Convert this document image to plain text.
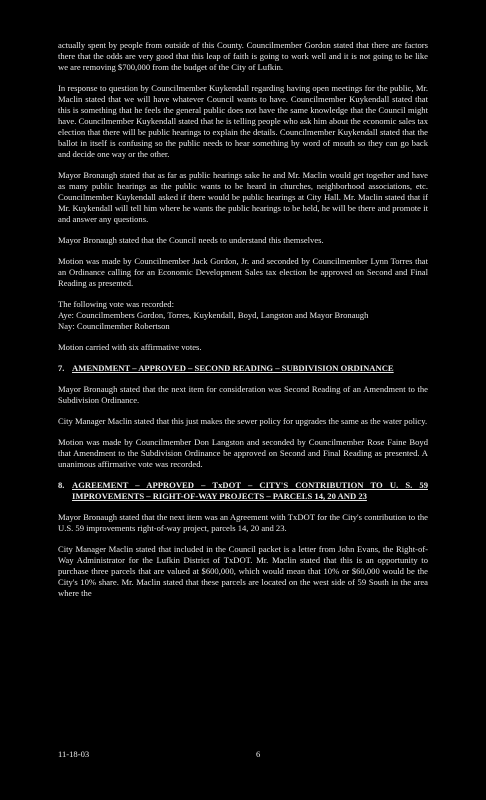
actually spent by people from outside of this County. Councilmember Gordon stated that there are factors there that the odds are very good that this leap of faith is going to work well and it is not going to be like we are removing $700,000 from the budget of the City of Lufkin.

In response to question by Councilmember Kuykendall regarding having open meetings for the public, Mr. Maclin stated that we will have whatever Council wants to have. Councilmember Kuykendall stated that this is something that he feels the general public does not have the same knowledge that the Council might have. Councilmember Kuykendall stated that he is telling people who ask him about the economic sales tax election that there will be public hearings to explain the details. Councilmember Kuykendall stated that the ballot in itself is confusing so the public needs to hear something by word of mouth so they can go back and decide one way or the other.

Mayor Bronaugh stated that as far as public hearings sake he and Mr. Maclin would get together and have as many public hearings as the public wants to be heard in churches, neighborhood associations, etc. Councilmember Kuykendall asked if there would be public hearings at City Hall. Mr. Maclin stated that if Mr. Kuykendall will tell him where he wants the public hearings to be held, he will be there and promote it and answer any questions.

Mayor Bronaugh stated that the Council needs to understand this themselves.

Motion was made by Councilmember Jack Gordon, Jr. and seconded by Councilmember Lynn Torres that an Ordinance calling for an Economic Development Sales tax election be approved on Second and Final Reading as presented.

The following vote was recorded:
Aye: Councilmembers Gordon, Torres, Kuykendall, Boyd, Langston and Mayor Bronaugh
Nay: Councilmember Robertson

Motion carried with six affirmative votes.

7. AMENDMENT – APPROVED – SECOND READING – SUBDIVISION ORDINANCE

Mayor Bronaugh stated that the next item for consideration was Second Reading of an Amendment to the Subdivision Ordinance.

City Manager Maclin stated that this just makes the sewer policy for upgrades the same as the water policy.

Motion was made by Councilmember Don Langston and seconded by Councilmember Rose Faine Boyd that Amendment to the Subdivision Ordinance be approved on Second and Final Reading as presented. A unanimous affirmative vote was recorded.

8. AGREEMENT – APPROVED – TxDOT – CITY'S CONTRIBUTION TO U. S. 59 IMPROVEMENTS – RIGHT-OF-WAY PROJECTS – PARCELS 14, 20 AND 23

Mayor Bronaugh stated that the next item was an Agreement with TxDOT for the City's contribution to the U.S. 59 improvements right-of-way project, parcels 14, 20 and 23.

City Manager Maclin stated that included in the Council packet is a letter from John Evans, the Right-of-Way Administrator for the Lufkin District of TxDOT. Mr. Maclin stated that this is an opportunity to purchase three parcels that are valued at $600,000, which would mean that 10% or $60,000 would be the City's 10% share. Mr. Maclin stated that these parcels are located on the west side of 59 South in the area where the

11-18-03	6
